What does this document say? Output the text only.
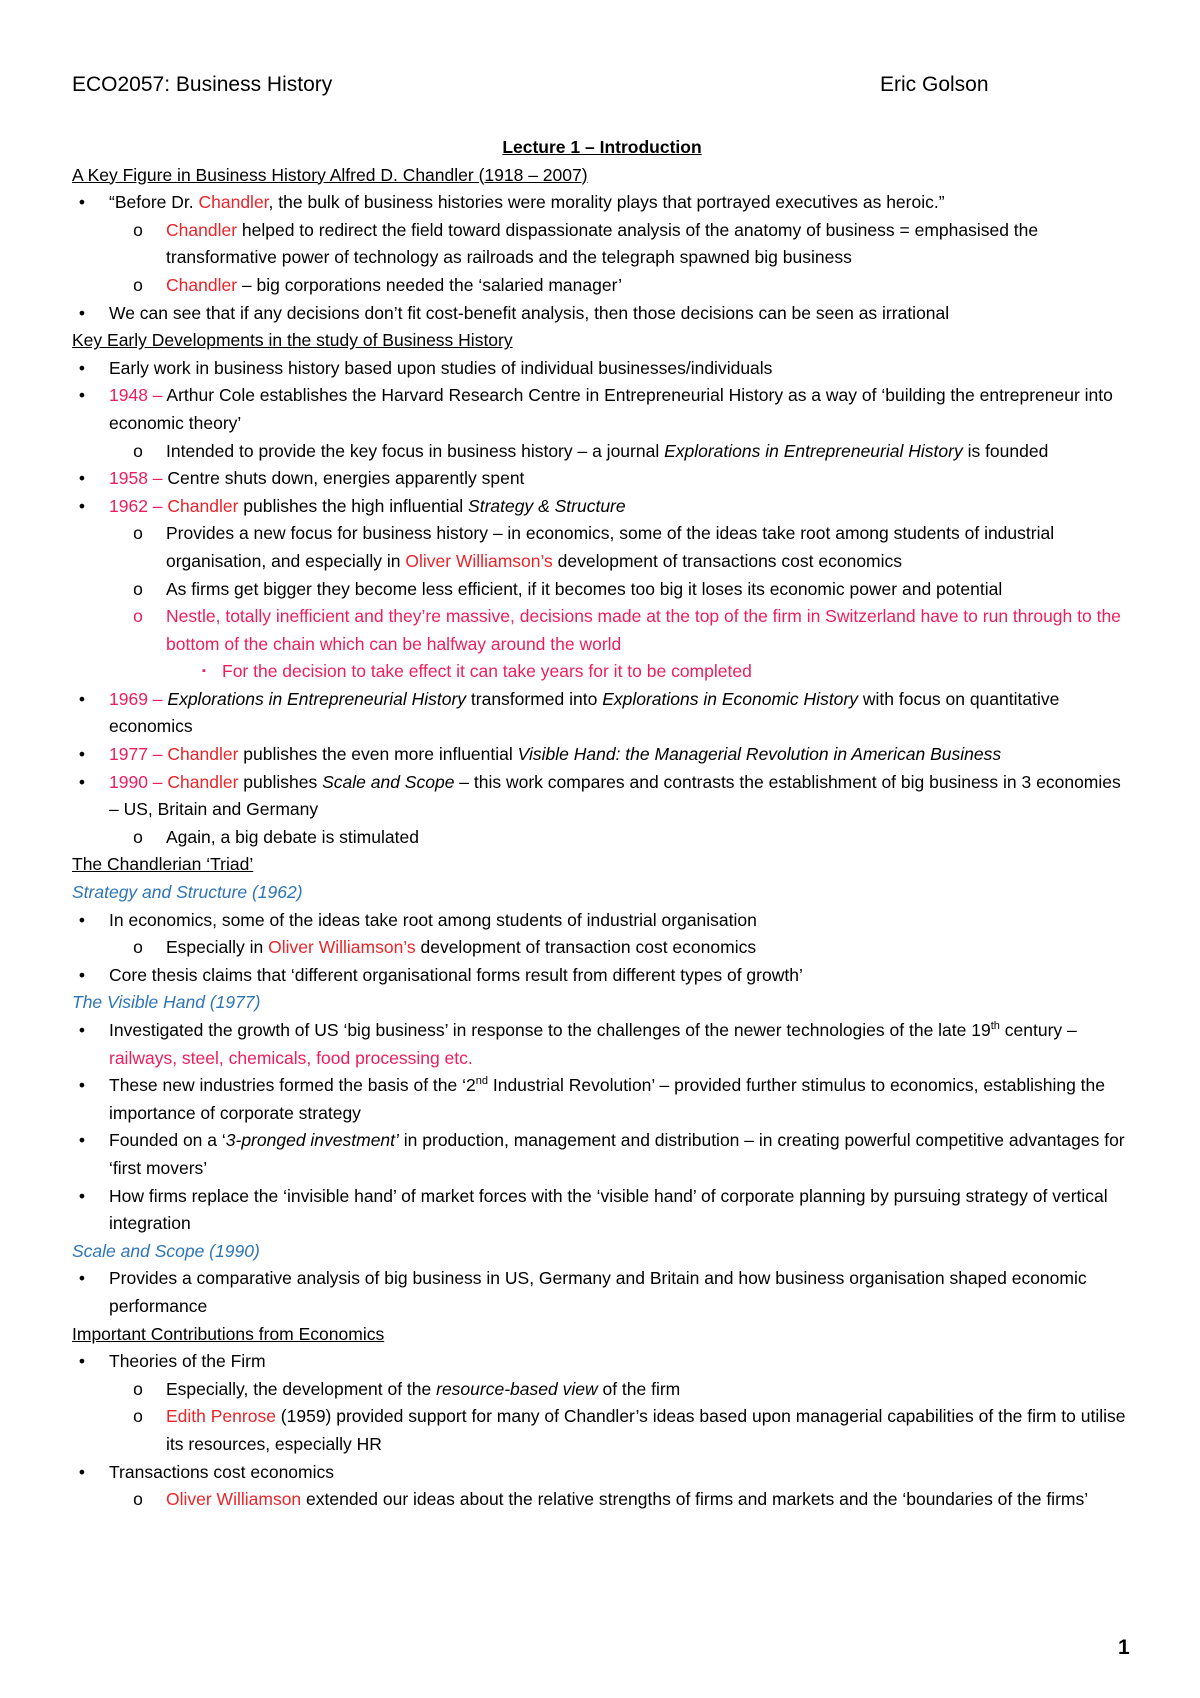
ECO2057: Business History	Eric Golson
Lecture 1 – Introduction
A Key Figure in Business History Alfred D. Chandler (1918 – 2007)
•	“Before Dr. Chandler, the bulk of business histories were morality plays that portrayed executives as heroic.”
o Chandler helped to redirect the field toward dispassionate analysis of the anatomy of business = emphasised the transformative power of technology as railroads and the telegraph spawned big business
o Chandler – big corporations needed the ‘salaried manager’
•	We can see that if any decisions don’t fit cost-benefit analysis, then those decisions can be seen as irrational
Key Early Developments in the study of Business History
•	Early work in business history based upon studies of individual businesses/individuals
•	1948 – Arthur Cole establishes the Harvard Research Centre in Entrepreneurial History as a way of ‘building the entrepreneur into economic theory’
o Intended to provide the key focus in business history – a journal Explorations in Entrepreneurial History is founded
•	1958 – Centre shuts down, energies apparently spent
•	1962 – Chandler publishes the high influential Strategy & Structure
o Provides a new focus for business history – in economics, some of the ideas take root among students of industrial organisation, and especially in Oliver Williamson’s development of transactions cost economics
o As firms get bigger they become less efficient, if it becomes too big it loses its economic power and potential
o Nestle, totally inefficient and they’re massive, decisions made at the top of the firm in Switzerland have to run through to the bottom of the chain which can be halfway around the world
▪ For the decision to take effect it can take years for it to be completed
•	1969 – Explorations in Entrepreneurial History transformed into Explorations in Economic History with focus on quantitative economics
•	1977 – Chandler publishes the even more influential Visible Hand: the Managerial Revolution in American Business
•	1990 – Chandler publishes Scale and Scope – this work compares and contrasts the establishment of big business in 3 economies – US, Britain and Germany
o Again, a big debate is stimulated
The Chandlerian ‘Triad’
Strategy and Structure (1962)
•	In economics, some of the ideas take root among students of industrial organisation
o Especially in Oliver Williamson’s development of transaction cost economics
•	Core thesis claims that ‘different organisational forms result from different types of growth’
The Visible Hand (1977)
•	Investigated the growth of US ‘big business’ in response to the challenges of the newer technologies of the late 19th century – railways, steel, chemicals, food processing etc.
•	These new industries formed the basis of the ‘2nd Industrial Revolution’ – provided further stimulus to economics, establishing the importance of corporate strategy
•	Founded on a ‘3-pronged investment’ in production, management and distribution – in creating powerful competitive advantages for ‘first movers’
•	How firms replace the ‘invisible hand’ of market forces with the ‘visible hand’ of corporate planning by pursuing strategy of vertical integration
Scale and Scope (1990)
•	Provides a comparative analysis of big business in US, Germany and Britain and how business organisation shaped economic performance
Important Contributions from Economics
•	Theories of the Firm
o Especially, the development of the resource-based view of the firm
o Edith Penrose (1959) provided support for many of Chandler’s ideas based upon managerial capabilities of the firm to utilise its resources, especially HR
•	Transactions cost economics
o Oliver Williamson extended our ideas about the relative strengths of firms and markets and the ‘boundaries of the firms’
1
